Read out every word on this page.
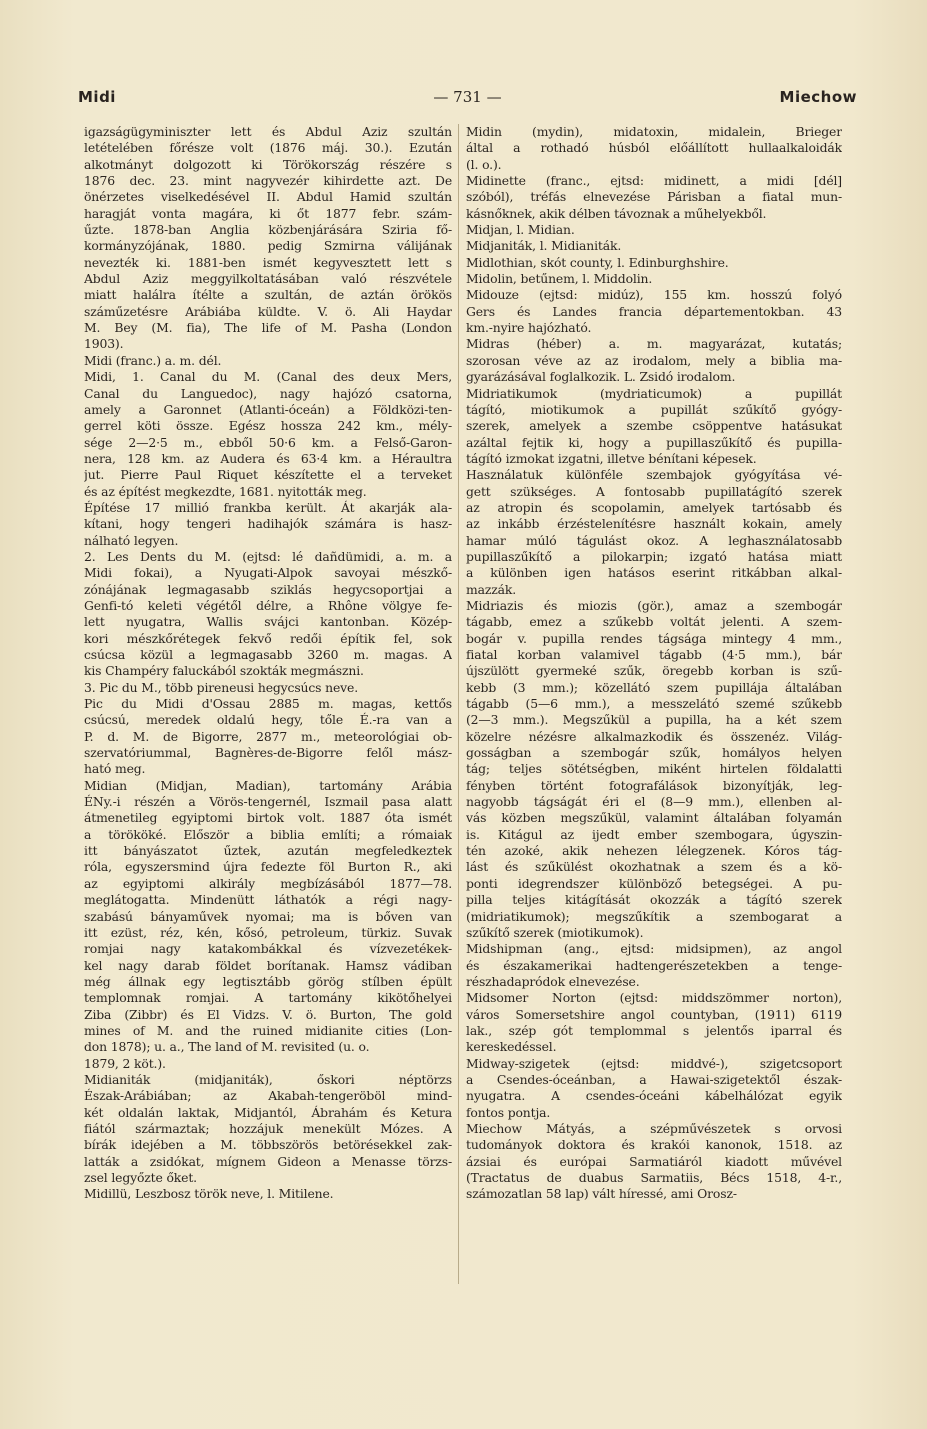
Midi	— 731 —	Miechow
igazságügyminiszter lett és Abdul Aziz szultán
letételében főrésze volt (1876 máj. 30.). Ezután
alkotmányt dolgozott ki Törökország részére s
1876 dec. 23. mint nagyvezér kihirdette azt. De
önérzetes viselkedésével II. Abdul Hamid szultán
haragját vonta magára, ki őt 1877 febr. szám-
űzte. 1878-ban Anglia közbenjárására Sziria fő-
kormányzójának, 1880. pedig Szmirna válijának
nevezték ki. 1881-ben ismét kegyvesztett lett s
Abdul Aziz meggyilkoltatásában való részvétele
miatt halálra ítélte a szultán, de aztán örökös
száműzetésre Arábiába küldte. V. ö. Ali Haydar
M. Bey (M. fia), The life of M. Pasha (London
1903).
Midi (franc.) a. m. dél.
Midi, 1. Canal du M. (Canal des deux Mers,
Canal du Languedoc), nagy hajózó csatorna,
amely a Garonnet (Atlanti-óceán) a Földközi-ten-
gerrel köti össze. Egész hossza 242 km., mély-
sége 2—2·5 m., ebből 50·6 km. a Felső-Garon-
nera, 128 km. az Audera és 63·4 km. a Héraultra
jut. Pierre Paul Riquet készítette el a terveket
és az építést megkezdte, 1681. nyitották meg.
Építése 17 millió frankba került. Át akarják ala-
kítani, hogy tengeri hadihajók számára is hasz-
nálható legyen.
2. Les Dents du M. (ejtsd: lé dañdümidi, a. m. a
Midi fokai), a Nyugati-Alpok savoyai mészkő-
zónájának legmagasabb sziklás hegycsoportjai a
Genfi-tó keleti végétől délre, a Rhône völgye fe-
lett nyugatra, Wallis svájci kantonban. Közép-
kori mészkőrétegek fekvő redői építik fel, sok
csúcsa közül a legmagasabb 3260 m. magas. A
kis Champéry faluckából szokták megmászni.
3. Pic du M., több pireneusi hegycsúcs neve.
Pic du Midi d'Ossau 2885 m. magas, kettős
csúcsú, meredek oldalú hegy, tőle É.-ra van a
P. d. M. de Bigorre, 2877 m., meteorológiai ob-
szervatóriummal, Bagnères-de-Bigorre felől mász-
ható meg.
Midian (Midjan, Madian), tartomány Arábia
ÉNy.-i részén a Vörös-tengernél, Iszmail pasa alatt
átmenetileg egyiptomi birtok volt. 1887 óta ismét
a törököké. Először a biblia említi; a rómaiak
itt bányászatot űztek, azután megfeledkeztek
róla, egyszersmind újra fedezte föl Burton R., aki
az egyiptomi alkirály megbízásából 1877—78.
meglátogatta. Mindenütt láthatók a régi nagy-
szabású bányaművek nyomai; ma is bőven van
itt ezüst, réz, kén, kősó, petroleum, türkiz. Suvak
romjai nagy katakombákkal és vízvezetékek-
kel nagy darab földet borítanak. Hamsz vádiban
még állnak egy legtisztább görög stílben épült
templomnak romjai. A tartomány kikötőhelyei
Ziba (Zibbr) és El Vidzs. V. ö. Burton, The gold
mines of M. and the ruined midianite cities (Lon-
don 1878); u. a., The land of M. revisited (u. o.
1879, 2 köt.).
Midianiták (midjaniták), őskori néptörzs
Észak-Arábiában; az Akabah-tengeröböl mind-
két oldalán laktak, Midjantól, Ábrahám és Ketura
fiától származtak; hozzájuk menekült Mózes. A
bírák idejében a M. többszörös betörésekkel zak-
latták a zsidókat, mígnem Gideon a Menasse törzs-
zsel legyőzte őket.
Midillü, Leszbosz török neve, l. Mitilene.
Midin (mydin), midatoxin, midalein, Brieger
által a rothadó húsból előállított hullaalkaloidák
(l. o.).
Midinette (franc., ejtsd: midinett, a midi [dél]
szóból), tréfás elnevezése Párisban a fiatal mun-
kásnőknek, akik délben távoznak a műhelyekből.
Midjan, l. Midian.
Midjaniták, l. Midianiták.
Midlothian, skót county, l. Edinburghshire.
Midolin, betűnem, l. Middolin.
Midouze (ejtsd: midúz), 155 km. hosszú folyó
Gers és Landes francia départementokban. 43
km.-nyire hajózható.
Midras (héber) a. m. magyarázat, kutatás;
szorosan véve az az irodalom, mely a biblia ma-
gyarázásával foglalkozik. L. Zsidó irodalom.
Midriatikumok (mydriaticumok) a pupillát
tágító, miotikumok a pupillát szűkítő gyógy-
szerek, amelyek a szembe csöppentve hatásukat
azáltal fejtik ki, hogy a pupillaszűkítő és pupilla-
tágító izmokat izgatni, illetve bénítani képesek.
Használatuk különféle szembajok gyógyítása vé-
gett szükséges. A fontosabb pupillatágító szerek
az atropin és scopolamin, amelyek tartósabb és
az inkább érzéstelenítésre használt kokain, amely
hamar múló tágulást okoz. A leghasználatosabb
pupillaszűkítő a pilokarpin; izgató hatása miatt
a különben igen hatásos eserint ritkábban alkal-
mazzák.
Midriazis és miozis (gör.), amaz a szembogár
tágabb, emez a szűkebb voltát jelenti. A szem-
bogár v. pupilla rendes tágsága mintegy 4 mm.,
fiatal korban valamivel tágabb (4·5 mm.), bár
újszülött gyermeké szűk, öregebb korban is szű-
kebb (3 mm.); közellátó szem pupillája általában
tágabb (5—6 mm.), a messzelátó szemé szűkebb
(2—3 mm.). Megszűkül a pupilla, ha a két szem
közelre nézésre alkalmazkodik és összenéz. Világ-
gosságban a szembogár szűk, homályos helyen
tág; teljes sötétségben, miként hirtelen földalatti
fényben történt fotografálások bizonyítják, leg-
nagyobb tágságát éri el (8—9 mm.), ellenben al-
vás közben megszűkül, valamint általában folyamán
is. Kitágul az ijedt ember szembogara, úgyszin-
tén azoké, akik nehezen lélegzenek. Kóros tág-
lást és szűkülést okozhatnak a szem és a kö-
ponti idegrendszer különböző betegségei. A pu-
pilla teljes kitágítását okozzák a tágító szerek
(midriatikumok); megszűkítik a szembogarat a
szűkítő szerek (miotikumok).
Midshipman (ang., ejtsd: midsipmen), az angol
és északamerikai hadtengerészetekben a tenge-
részhadapródok elnevezése.
Midsomer Norton (ejtsd: middszömmer norton),
város Somersetshire angol countyban, (1911) 6119
lak., szép gót templommal s jelentős iparral és
kereskedéssel.
Midway-szigetek (ejtsd: middvé-), szigetcsoport
a Csendes-óceánban, a Hawai-szigetektől észak-
nyugatra. A csendes-óceáni kábelhálózat egyik
fontos pontja.
Miechow Mátyás, a szépművészetek s orvosi
tudományok doktora és krakói kanonok, 1518. az
ázsiai és európai Sarmatiáról kiadott művével
(Tractatus de duabus Sarmatiis, Bécs 1518, 4-r.,
számozatlan 58 lap) vált híressé, ami Orosz-
